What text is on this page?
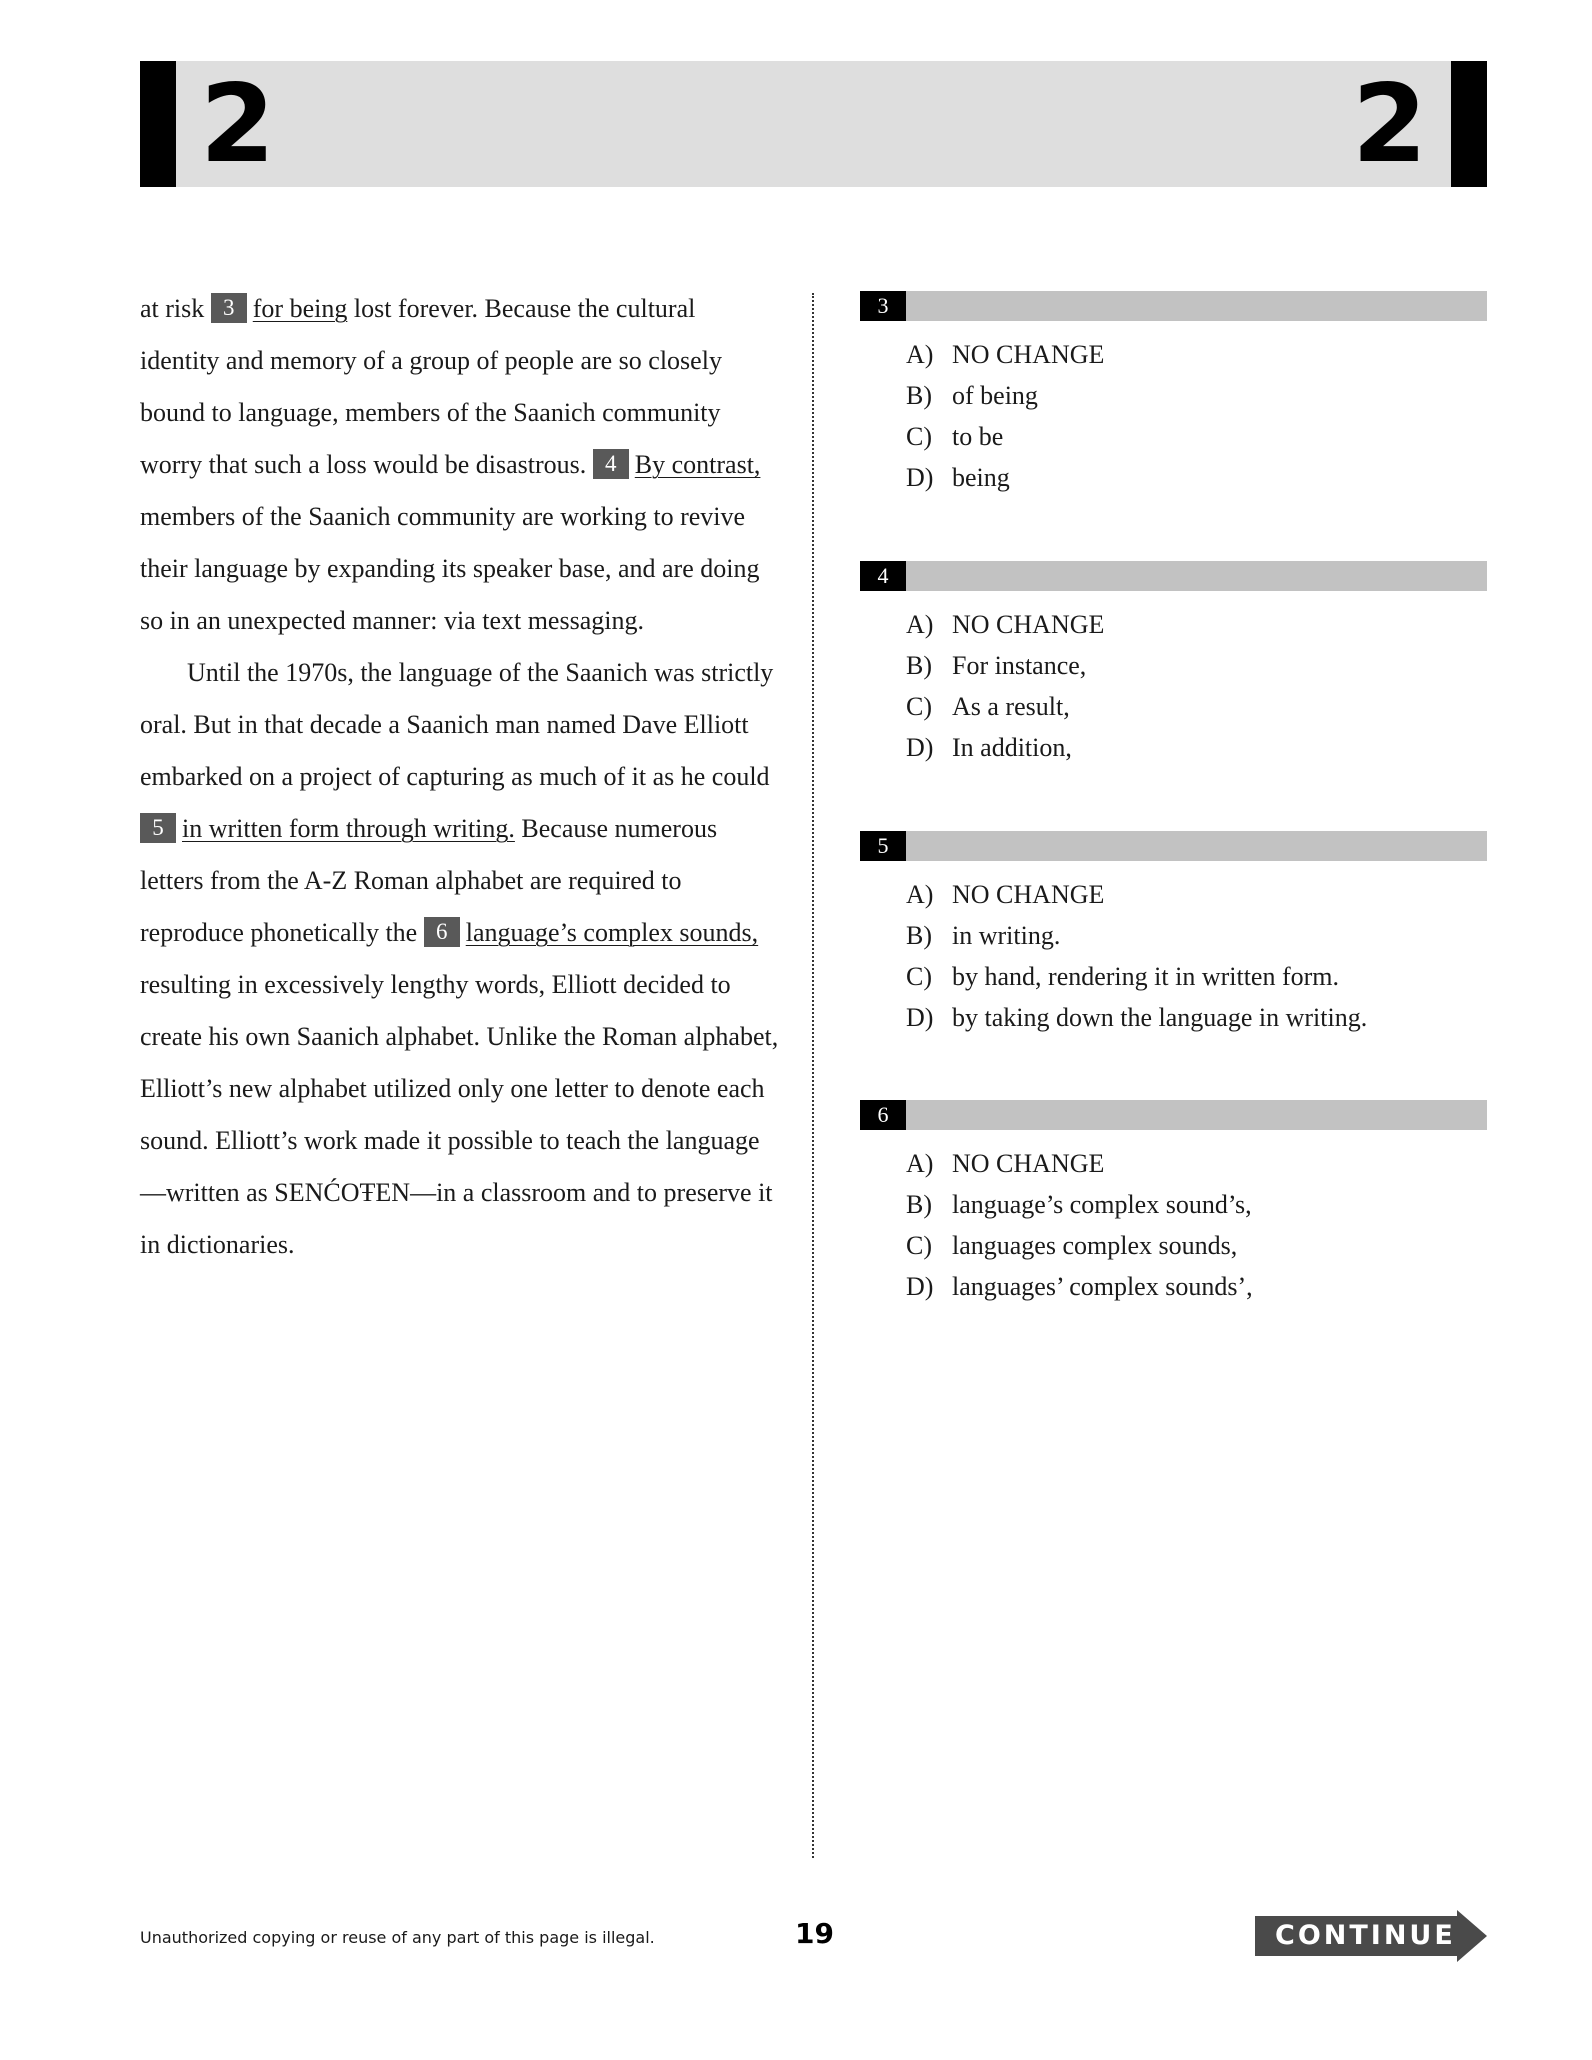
2	2

at risk 3 for being lost forever. Because the cultural identity and memory of a group of people are so closely bound to language, members of the Saanich community worry that such a loss would be disastrous. 4 By contrast, members of the Saanich community are working to revive their language by expanding its speaker base, and are doing so in an unexpected manner: via text messaging.

Until the 1970s, the language of the Saanich was strictly oral. But in that decade a Saanich man named Dave Elliott embarked on a project of capturing as much of it as he could 5 in written form through writing. Because numerous letters from the A-Z Roman alphabet are required to reproduce phonetically the 6 language’s complex sounds, resulting in excessively lengthy words, Elliott decided to create his own Saanich alphabet. Unlike the Roman alphabet, Elliott’s new alphabet utilized only one letter to denote each sound. Elliott’s work made it possible to teach the language—written as SENĆOŦEN—in a classroom and to preserve it in dictionaries.

3
A) NO CHANGE
B) of being
C) to be
D) being
4
A) NO CHANGE
B) For instance,
C) As a result,
D) In addition,
5
A) NO CHANGE
B) in writing.
C) by hand, rendering it in written form.
D) by taking down the language in writing.
6
A) NO CHANGE
B) language’s complex sound’s,
C) languages complex sounds,
D) languages’ complex sounds’,
Unauthorized copying or reuse of any part of this page is illegal.	19	CONTINUE
